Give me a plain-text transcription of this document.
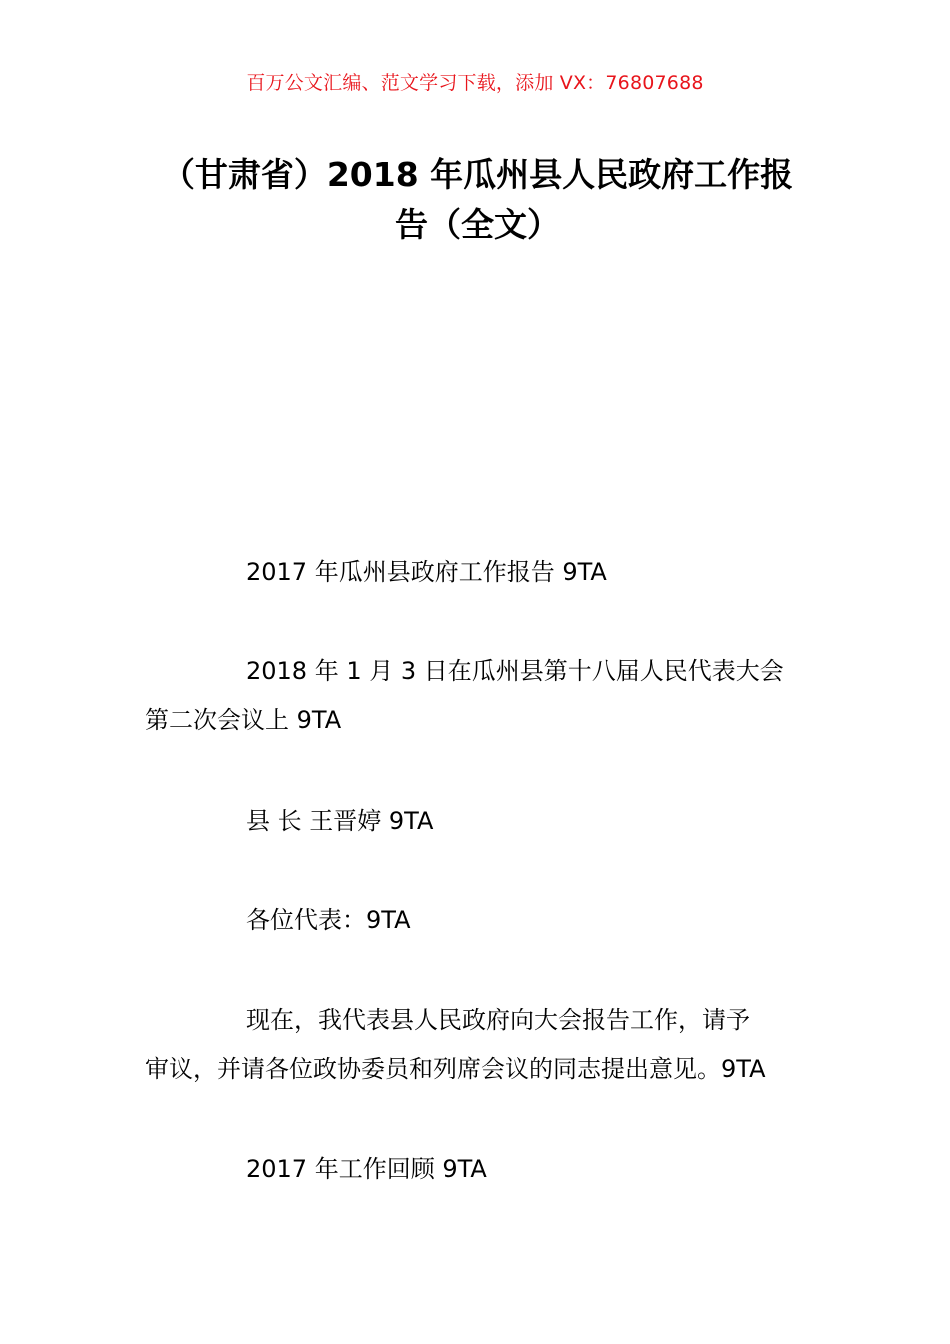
百万公文汇编、范文学习下载，添加 VX：76807688
（甘肃省）2018 年瓜州县人民政府工作报
告（全文）
2017 年瓜州县政府工作报告 9TA
2018 年 1 月 3 日在瓜州县第十八届人民代表大会
第二次会议上 9TA
县 长 王晋婷 9TA
各位代表：9TA
现在，我代表县人民政府向大会报告工作，请予
审议，并请各位政协委员和列席会议的同志提出意见。9TA
2017 年工作回顾 9TA
